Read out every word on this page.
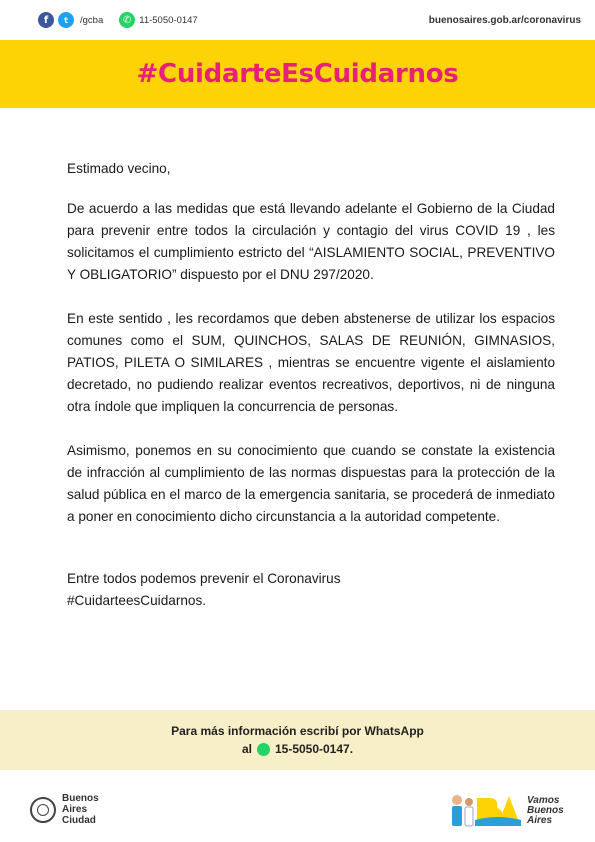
f	t	/gcba	✆ 11-5050-0147	buenosaires.gob.ar/coronavirus
#CuidarteEsCuidarnos

Estimado vecino,

De acuerdo a las medidas que está llevando adelante el Gobierno de la Ciudad para prevenir entre todos la circulación y contagio del virus COVID 19 , les solicitamos el cumplimiento estricto del “AISLAMIENTO SOCIAL, PREVENTIVO Y OBLIGATORIO” dispuesto por el DNU 297/2020.

En este sentido , les recordamos que deben abstenerse de utilizar los espacios comunes como el SUM, QUINCHOS, SALAS DE REUNIÓN, GIMNASIOS, PATIOS, PILETA O SIMILARES , mientras se encuentre vigente el aislamiento decretado, no pudiendo realizar eventos recreativos, deportivos, ni de ninguna otra índole que impliquen la concurrencia de personas.

Asimismo, ponemos en su conocimiento que cuando se constate la existencia de infracción al cumplimiento de las normas dispuestas para la protección de la salud pública en el marco de la emergencia sanitaria, se procederá de inmediato a poner en conocimiento dicho circunstancia a la autoridad competente.

Entre todos podemos prevenir el Coronavirus

#CuidarteesCuidarnos.

Para más información escribí por WhatsApp
al 15-5050-0147.
Buenos
Aires
Ciudad
Vamos
Buenos
Aires
